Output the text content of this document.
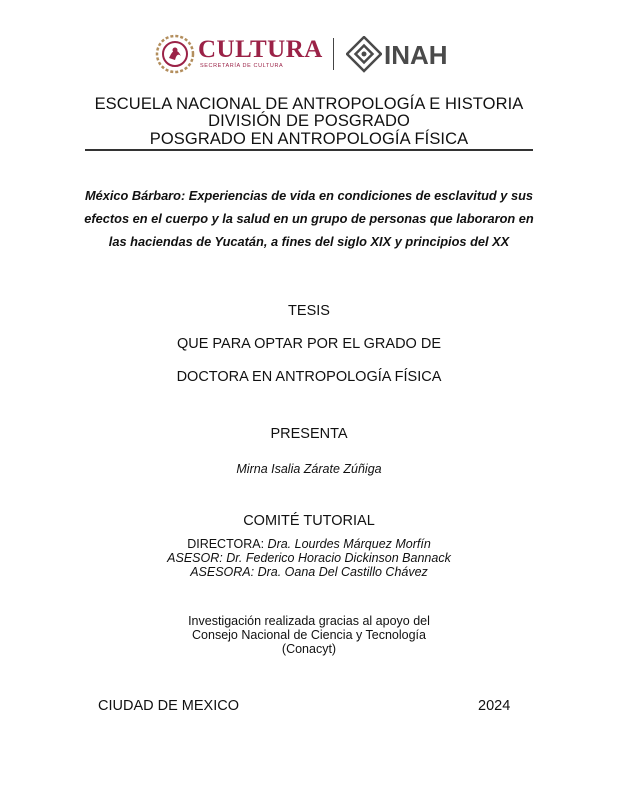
CULTURA
SECRETARÍA DE CULTURA	INAH
ESCUELA NACIONAL DE ANTROPOLOGÍA E HISTORIA
DIVISIÓN DE POSGRADO
POSGRADO EN ANTROPOLOGÍA FÍSICA
México Bárbaro: Experiencias de vida en condiciones de esclavitud y sus efectos en el cuerpo y la salud en un grupo de personas que laboraron en las haciendas de Yucatán, a fines del siglo XIX y principios del XX
TESIS
QUE PARA OPTAR POR EL GRADO DE
DOCTORA EN ANTROPOLOGÍA FÍSICA
PRESENTA
Mirna Isalia Zárate Zúñiga
COMITÉ TUTORIAL
DIRECTORA: Dra. Lourdes Márquez Morfín
ASESOR: Dr. Federico Horacio Dickinson Bannack
ASESORA: Dra. Oana Del Castillo Chávez
Investigación realizada gracias al apoyo del
Consejo Nacional de Ciencia y Tecnología
(Conacyt)
CIUDAD DE MEXICO	2024
